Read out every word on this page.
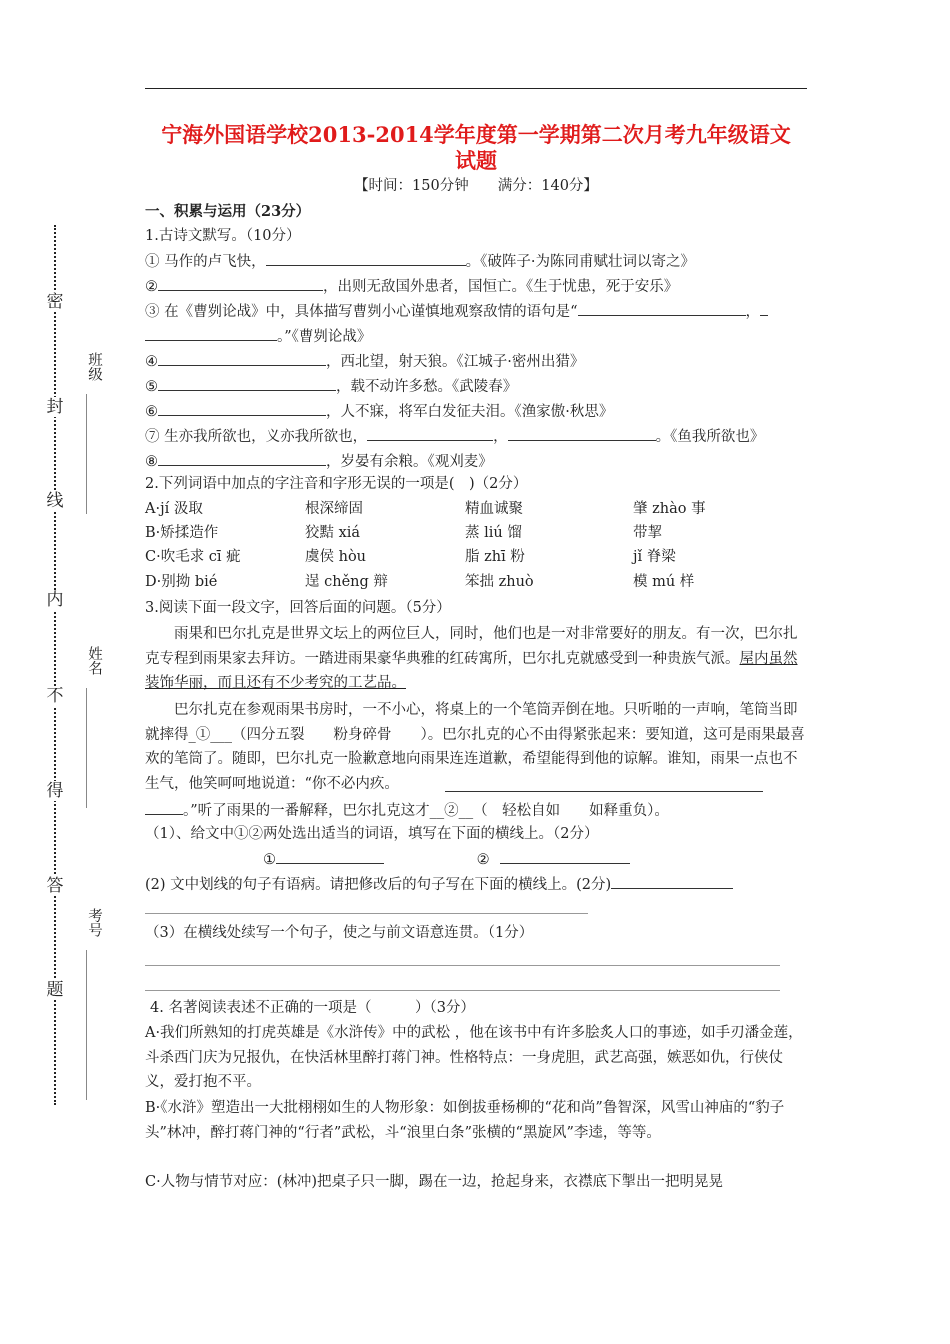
宁海外国语学校2013-2014学年度第一学期第二次月考九年级语文
试题
【时间：150分钟　　满分：140分】
密
封
线
内
不
得
答
题
班级
姓名
考号
一、积累与运用（23分）
1.古诗文默写。（10分）
① 马作的卢飞快，	。《破阵子·为陈同甫赋壮词以寄之》
②	，出则无敌国外患者，国恒亡。《生于忧患，死于安乐》
③ 在《曹刿论战》中，具体描写曹刿小心谨慎地观察敌情的语句是“	，
。”《曹刿论战》
④	，西北望，射天狼。《江城子·密州出猎》
⑤	，载不动许多愁。《武陵春》
⑥	，人不寐，将军白发征夫泪。《渔家傲·秋思》
⑦ 生亦我所欲也，义亦我所欲也，	，	。《鱼我所欲也》
⑧	，岁晏有余粮。《观刈麦》
2.下列词语中加点的字注音和字形无误的一项是(　)（2分）
A·jí 汲取	根深缔固	精血诚聚	肇 zhào 事
B·矫揉造作	狡黠 xiá	蒸 liú 馏	带挈
C·吹毛求 cī 疵	虞侯 hòu	脂 zhī 粉	jǐ 脊梁
D·别拗 bié	逞 chěng 辩	笨拙 zhuò	模 mú 样
3.阅读下面一段文字，回答后面的问题。（5分）
雨果和巴尔扎克是世界文坛上的两位巨人，同时，他们也是一对非常要好的朋友。有一次，巴尔扎克专程到雨果家去拜访。一踏进雨果豪华典雅的红砖寓所，巴尔扎克就感受到一种贵族气派。屋内虽然装饰华丽，而且还有不少考究的工艺品。
巴尔扎克在参观雨果书房时，一不小心，将桌上的一个笔筒弄倒在地。只听啪的一声响，笔筒当即就摔得_①___（四分五裂　　粉身碎骨　　）。巴尔扎克的心不由得紧张起来：要知道，这可是雨果最喜欢的笔筒了。随即，巴尔扎克一脸歉意地向雨果连连道歉，希望能得到他的谅解。谁知，雨果一点也不生气，他笑呵呵地说道：“你不必内疚。
。”听了雨果的一番解释，巴尔扎克这才__②__（　轻松自如　　如释重负）。
（1）、给文中①②两处选出适当的词语，填写在下面的横线上。（2分）
①	②
(2) 文中划线的句子有语病。请把修改后的句子写在下面的横线上。(2分)
（3）在横线处续写一个句子，使之与前文语意连贯。（1分）
4. 名著阅读表述不正确的一项是（　　　）（3分）
A·我们所熟知的打虎英雄是《水浒传》中的武松 ，他在该书中有许多脍炙人口的事迹，如手刃潘金莲，斗杀西门庆为兄报仇，在快活林里醉打蒋门神。性格特点：一身虎胆，武艺高强，嫉恶如仇，行侠仗义，爱打抱不平。
B·《水浒》塑造出一大批栩栩如生的人物形象：如倒拔垂杨柳的“花和尚”鲁智深，风雪山神庙的“豹子头”林冲，醉打蒋门神的“行者”武松，斗“浪里白条”张横的“黑旋风”李逵，等等。
C·人物与情节对应：(林冲)把桌子只一脚，踢在一边，抢起身来，衣襟底下掣出一把明晃晃
